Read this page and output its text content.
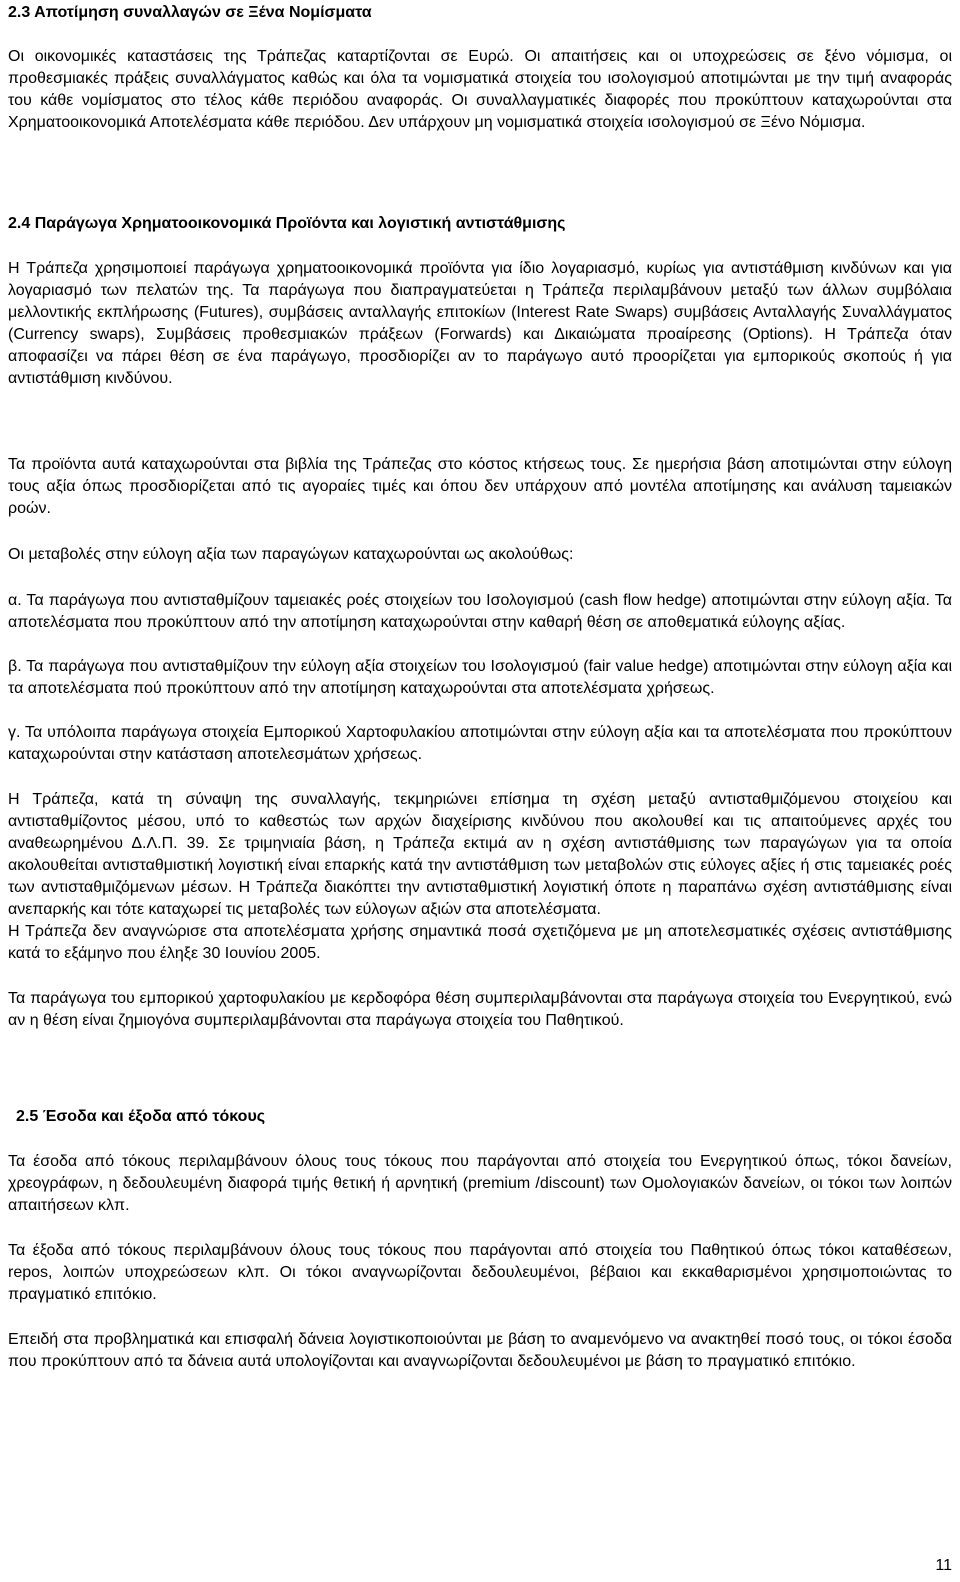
2.3 Αποτίμηση συναλλαγών σε Ξένα Νομίσματα
Οι οικονομικές καταστάσεις της Τράπεζας καταρτίζονται σε Ευρώ. Οι απαιτήσεις και οι υποχρεώσεις σε ξένο νόμισμα, οι προθεσμιακές πράξεις συναλλάγματος καθώς και όλα τα νομισματικά στοιχεία του ισολογισμού αποτιμώνται με την τιμή αναφοράς του κάθε νομίσματος στο τέλος κάθε περιόδου αναφοράς. Οι συναλλαγματικές διαφορές που προκύπτουν καταχωρούνται στα Χρηματοοικονομικά Αποτελέσματα κάθε περιόδου. Δεν υπάρχουν μη νομισματικά στοιχεία ισολογισμού σε Ξένο Νόμισμα.
2.4 Παράγωγα Χρηματοοικονομικά Προϊόντα και λογιστική αντιστάθμισης
Η Τράπεζα χρησιμοποιεί παράγωγα χρηματοοικονομικά προϊόντα για ίδιο λογαριασμό, κυρίως για αντιστάθμιση κινδύνων και για λογαριασμό των πελατών της. Τα παράγωγα που διαπραγματεύεται η Τράπεζα περιλαμβάνουν μεταξύ των άλλων συμβόλαια μελλοντικής εκπλήρωσης (Futures), συμβάσεις ανταλλαγής επιτοκίων (Interest Rate Swaps) συμβάσεις Ανταλλαγής Συναλλάγματος (Currency swaps), Συμβάσεις προθεσμιακών πράξεων (Forwards) και Δικαιώματα προαίρεσης (Options). Η Τράπεζα όταν αποφασίζει να πάρει θέση σε ένα παράγωγο, προσδιορίζει αν το παράγωγο αυτό προορίζεται για εμπορικούς σκοπούς ή για αντιστάθμιση κινδύνου.
Τα προϊόντα αυτά καταχωρούνται στα βιβλία της Τράπεζας στο κόστος κτήσεως τους. Σε ημερήσια βάση αποτιμώνται στην εύλογη τους αξία όπως προσδιορίζεται από τις αγοραίες τιμές και όπου δεν υπάρχουν από μοντέλα αποτίμησης και ανάλυση ταμειακών ροών.
Οι μεταβολές στην εύλογη αξία των παραγώγων καταχωρούνται ως ακολούθως:
α. Τα παράγωγα που αντισταθμίζουν ταμειακές ροές στοιχείων του Ισολογισμού (cash flow hedge) αποτιμώνται στην εύλογη αξία. Τα αποτελέσματα που προκύπτουν από την αποτίμηση καταχωρούνται στην καθαρή θέση σε αποθεματικά εύλογης αξίας.
β. Τα παράγωγα που αντισταθμίζουν την εύλογη αξία στοιχείων του Ισολογισμού (fair value hedge) αποτιμώνται στην εύλογη αξία και τα αποτελέσματα πού προκύπτουν από την αποτίμηση καταχωρούνται στα αποτελέσματα χρήσεως.
γ. Τα υπόλοιπα παράγωγα στοιχεία Εμπορικού Χαρτοφυλακίου αποτιμώνται στην εύλογη αξία και τα αποτελέσματα που προκύπτουν καταχωρούνται στην κατάσταση αποτελεσμάτων χρήσεως.
Η Τράπεζα, κατά τη σύναψη της συναλλαγής, τεκμηριώνει επίσημα τη σχέση μεταξύ αντισταθμιζόμενου στοιχείου και αντισταθμίζοντος μέσου, υπό το καθεστώς των αρχών διαχείρισης κινδύνου που ακολουθεί και τις απαιτούμενες αρχές του αναθεωρημένου Δ.Λ.Π. 39. Σε τριμηνιαία βάση, η Τράπεζα εκτιμά αν η σχέση αντιστάθμισης των παραγώγων για τα οποία ακολουθείται αντισταθμιστική λογιστική είναι επαρκής κατά την αντιστάθμιση των μεταβολών στις εύλογες αξίες ή στις ταμειακές ροές των αντισταθμιζόμενων μέσων. Η Τράπεζα διακόπτει την αντισταθμιστική λογιστική όποτε η παραπάνω σχέση αντιστάθμισης είναι ανεπαρκής και τότε καταχωρεί τις μεταβολές των εύλογων αξιών στα αποτελέσματα.
Η Τράπεζα δεν αναγνώρισε στα αποτελέσματα χρήσης σημαντικά ποσά σχετιζόμενα με μη αποτελεσματικές σχέσεις αντιστάθμισης κατά το εξάμηνο που έληξε 30 Ιουνίου 2005.
Τα παράγωγα του εμπορικού χαρτοφυλακίου με κερδοφόρα θέση συμπεριλαμβάνονται στα παράγωγα στοιχεία του Ενεργητικού, ενώ αν η θέση είναι ζημιογόνα συμπεριλαμβάνονται στα παράγωγα στοιχεία του Παθητικού.
2.5 Έσοδα και έξοδα από τόκους
Τα έσοδα από τόκους περιλαμβάνουν όλους τους τόκους που παράγονται από στοιχεία του Ενεργητικού όπως, τόκοι δανείων, χρεογράφων, η δεδουλευμένη διαφορά τιμής θετική ή αρνητική (premium /discount) των Ομολογιακών δανείων, οι τόκοι των λοιπών απαιτήσεων κλπ.
Τα έξοδα από τόκους περιλαμβάνουν όλους τους τόκους που παράγονται από στοιχεία του Παθητικού όπως τόκοι καταθέσεων, repos, λοιπών υποχρεώσεων κλπ. Οι τόκοι αναγνωρίζονται δεδουλευμένοι, βέβαιοι και εκκαθαρισμένοι χρησιμοποιώντας το πραγματικό επιτόκιο.
Επειδή στα προβληματικά και επισφαλή δάνεια λογιστικοποιούνται με βάση το αναμενόμενο να ανακτηθεί ποσό τους, οι τόκοι έσοδα που προκύπτουν από τα δάνεια αυτά υπολογίζονται και αναγνωρίζονται δεδουλευμένοι με βάση το πραγματικό επιτόκιο.
11
